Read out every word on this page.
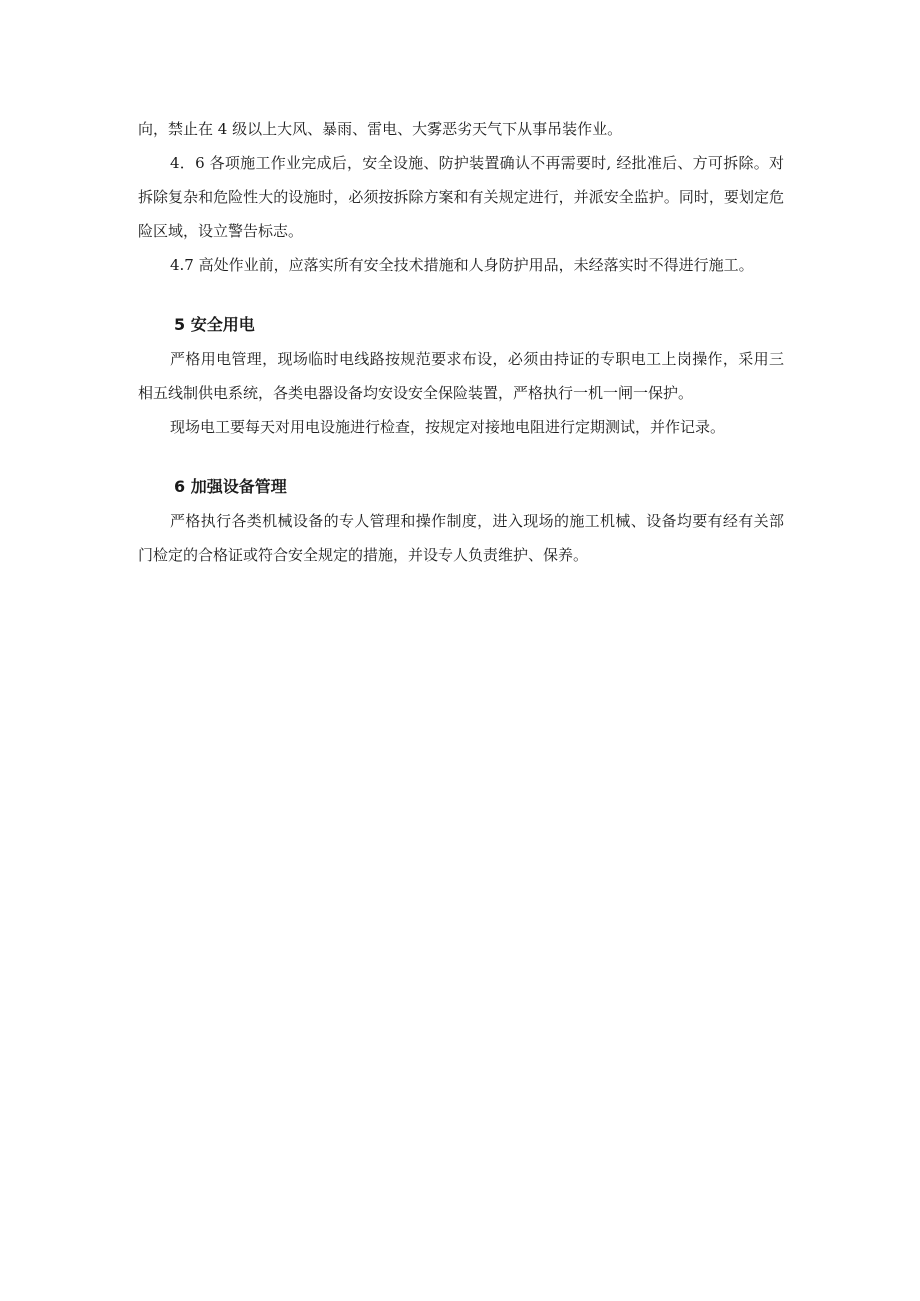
向，禁止在 4 级以上大风、暴雨、雷电、大雾恶劣天气下从事吊装作业。

4．6 各项施工作业完成后，安全设施、防护装置确认不再需要时, 经批准后、方可拆除。对拆除复杂和危险性大的设施时，必须按拆除方案和有关规定进行，并派安全监护。同时，要划定危险区域，设立警告标志。

4.7 高处作业前，应落实所有安全技术措施和人身防护用品，未经落实时不得进行施工。

5 安全用电

严格用电管理，现场临时电线路按规范要求布设，必须由持证的专职电工上岗操作，采用三相五线制供电系统，各类电器设备均安设安全保险装置，严格执行一机一闸一保护。

现场电工要每天对用电设施进行检查，按规定对接地电阻进行定期测试，并作记录。

6 加强设备管理

严格执行各类机械设备的专人管理和操作制度，进入现场的施工机械、设备均要有经有关部门检定的合格证或符合安全规定的措施，并设专人负责维护、保养。
